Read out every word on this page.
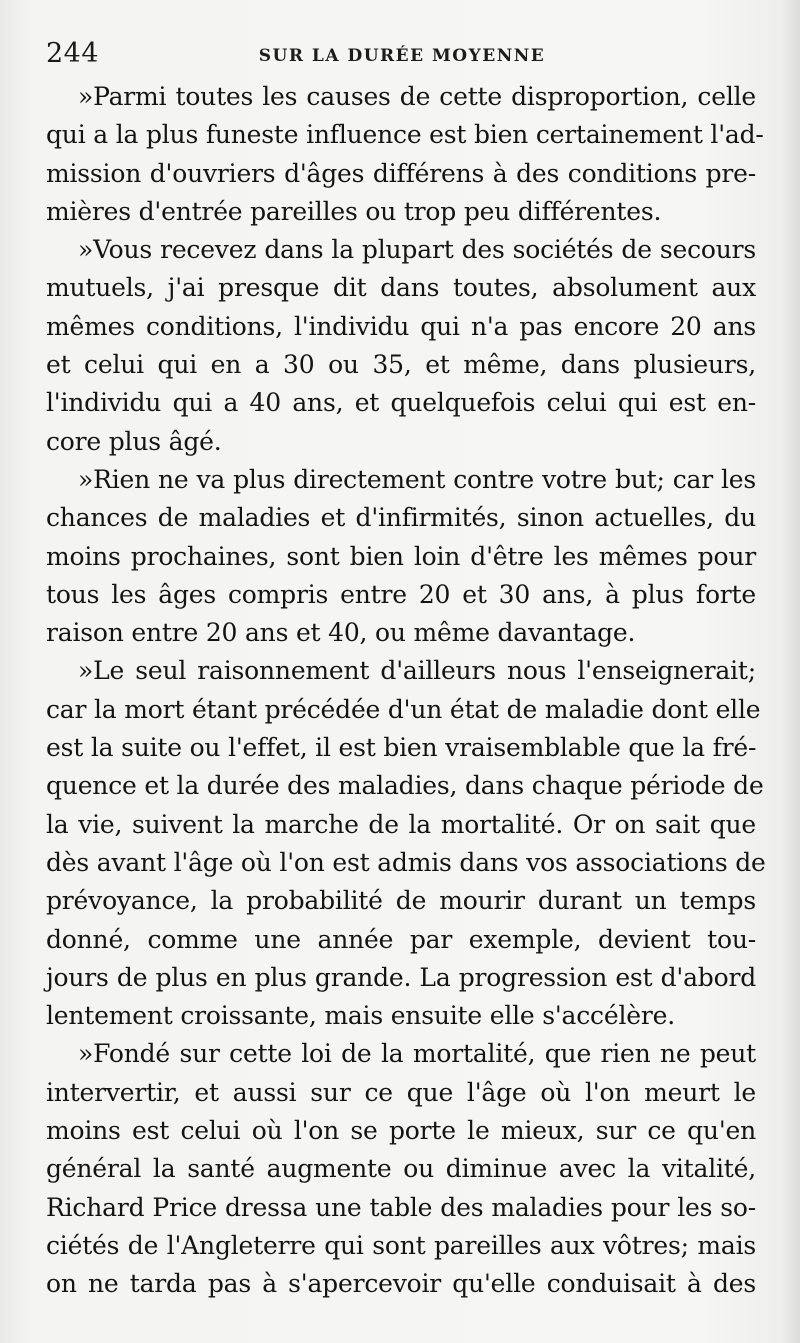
244	SUR LA DURÉE MOYENNE
»Parmi toutes les causes de cette disproportion, celle
qui a la plus funeste influence est bien certainement l'ad-
mission d'ouvriers d'âges différens à des conditions pre-
mières d'entrée pareilles ou trop peu différentes.
»Vous recevez dans la plupart des sociétés de secours
mutuels, j'ai presque dit dans toutes, absolument aux
mêmes conditions, l'individu qui n'a pas encore 20 ans
et celui qui en a 30 ou 35, et même, dans plusieurs,
l'individu qui a 40 ans, et quelquefois celui qui est en-
core plus âgé.
»Rien ne va plus directement contre votre but; car les
chances de maladies et d'infirmités, sinon actuelles, du
moins prochaines, sont bien loin d'être les mêmes pour
tous les âges compris entre 20 et 30 ans, à plus forte
raison entre 20 ans et 40, ou même davantage.
»Le seul raisonnement d'ailleurs nous l'enseignerait;
car la mort étant précédée d'un état de maladie dont elle
est la suite ou l'effet, il est bien vraisemblable que la fré-
quence et la durée des maladies, dans chaque période de
la vie, suivent la marche de la mortalité. Or on sait que
dès avant l'âge où l'on est admis dans vos associations de
prévoyance, la probabilité de mourir durant un temps
donné, comme une année par exemple, devient tou-
jours de plus en plus grande. La progression est d'abord
lentement croissante, mais ensuite elle s'accélère.
»Fondé sur cette loi de la mortalité, que rien ne peut
intervertir, et aussi sur ce que l'âge où l'on meurt le
moins est celui où l'on se porte le mieux, sur ce qu'en
général la santé augmente ou diminue avec la vitalité,
Richard Price dressa une table des maladies pour les so-
ciétés de l'Angleterre qui sont pareilles aux vôtres; mais
on ne tarda pas à s'apercevoir qu'elle conduisait à des
